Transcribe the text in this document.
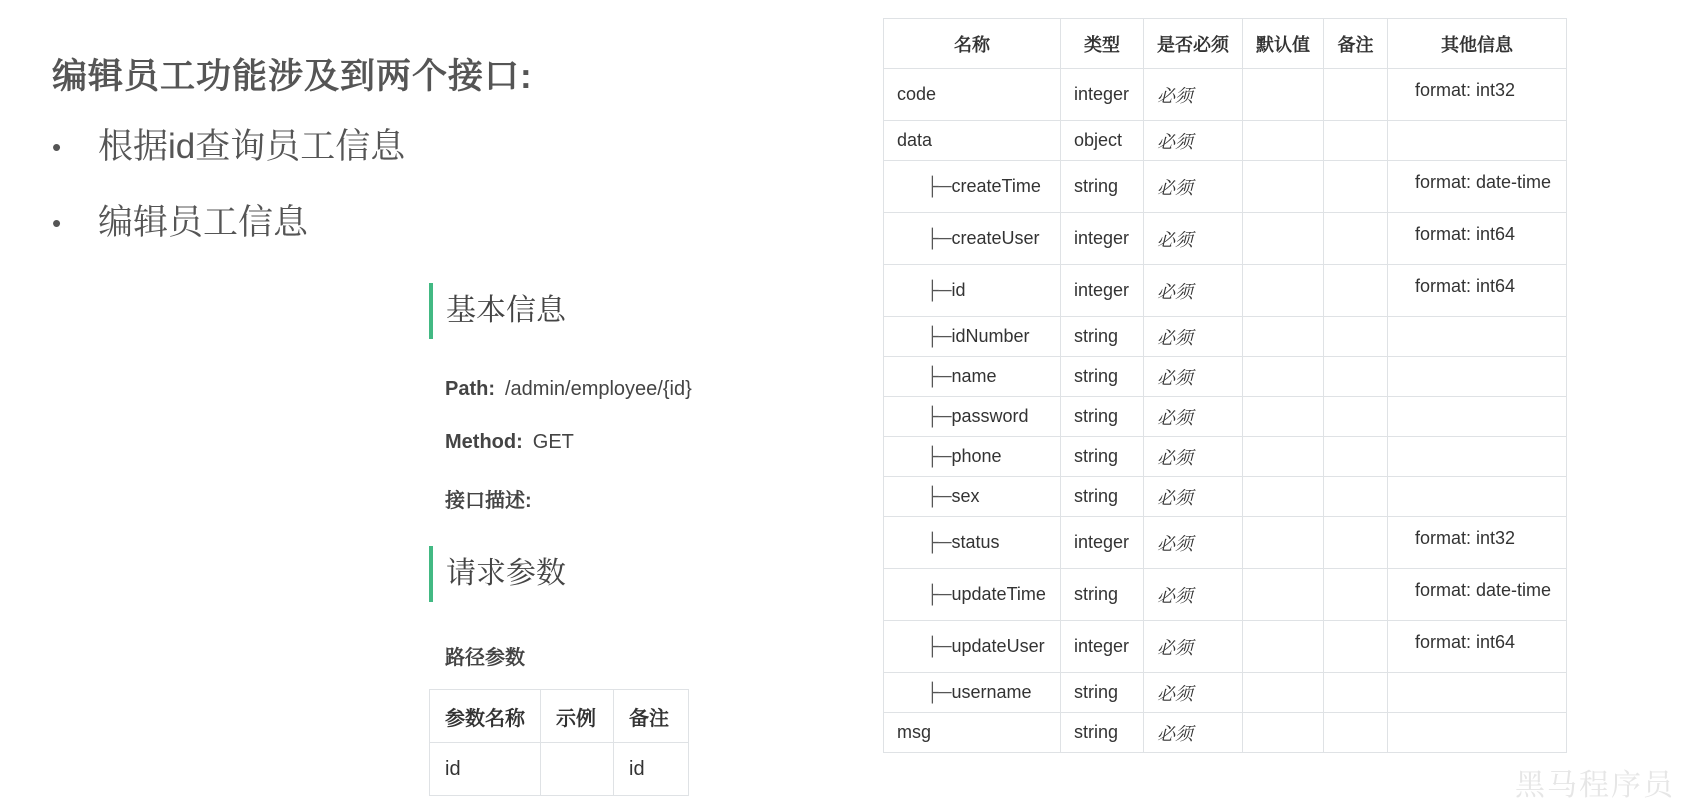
编辑员工功能涉及到两个接口:
• 根据id查询员工信息
• 编辑员工信息
基本信息
Path: /admin/employee/{id}
Method: GET
接口描述:
请求参数
路径参数
参数名称	示例	备注
id		id
名称	类型	是否必须	默认值	备注	其他信息
code	integer	必须			format: int32
data	object	必须			
├─createTime	string	必须			format: date-time
├─createUser	integer	必须			format: int64
├─id	integer	必须			format: int64
├─idNumber	string	必须			
├─name	string	必须			
├─password	string	必须			
├─phone	string	必须			
├─sex	string	必须			
├─status	integer	必须			format: int32
├─updateTime	string	必须			format: date-time
├─updateUser	integer	必须			format: int64
├─username	string	必须			
msg	string	必须			
黑马程序员
